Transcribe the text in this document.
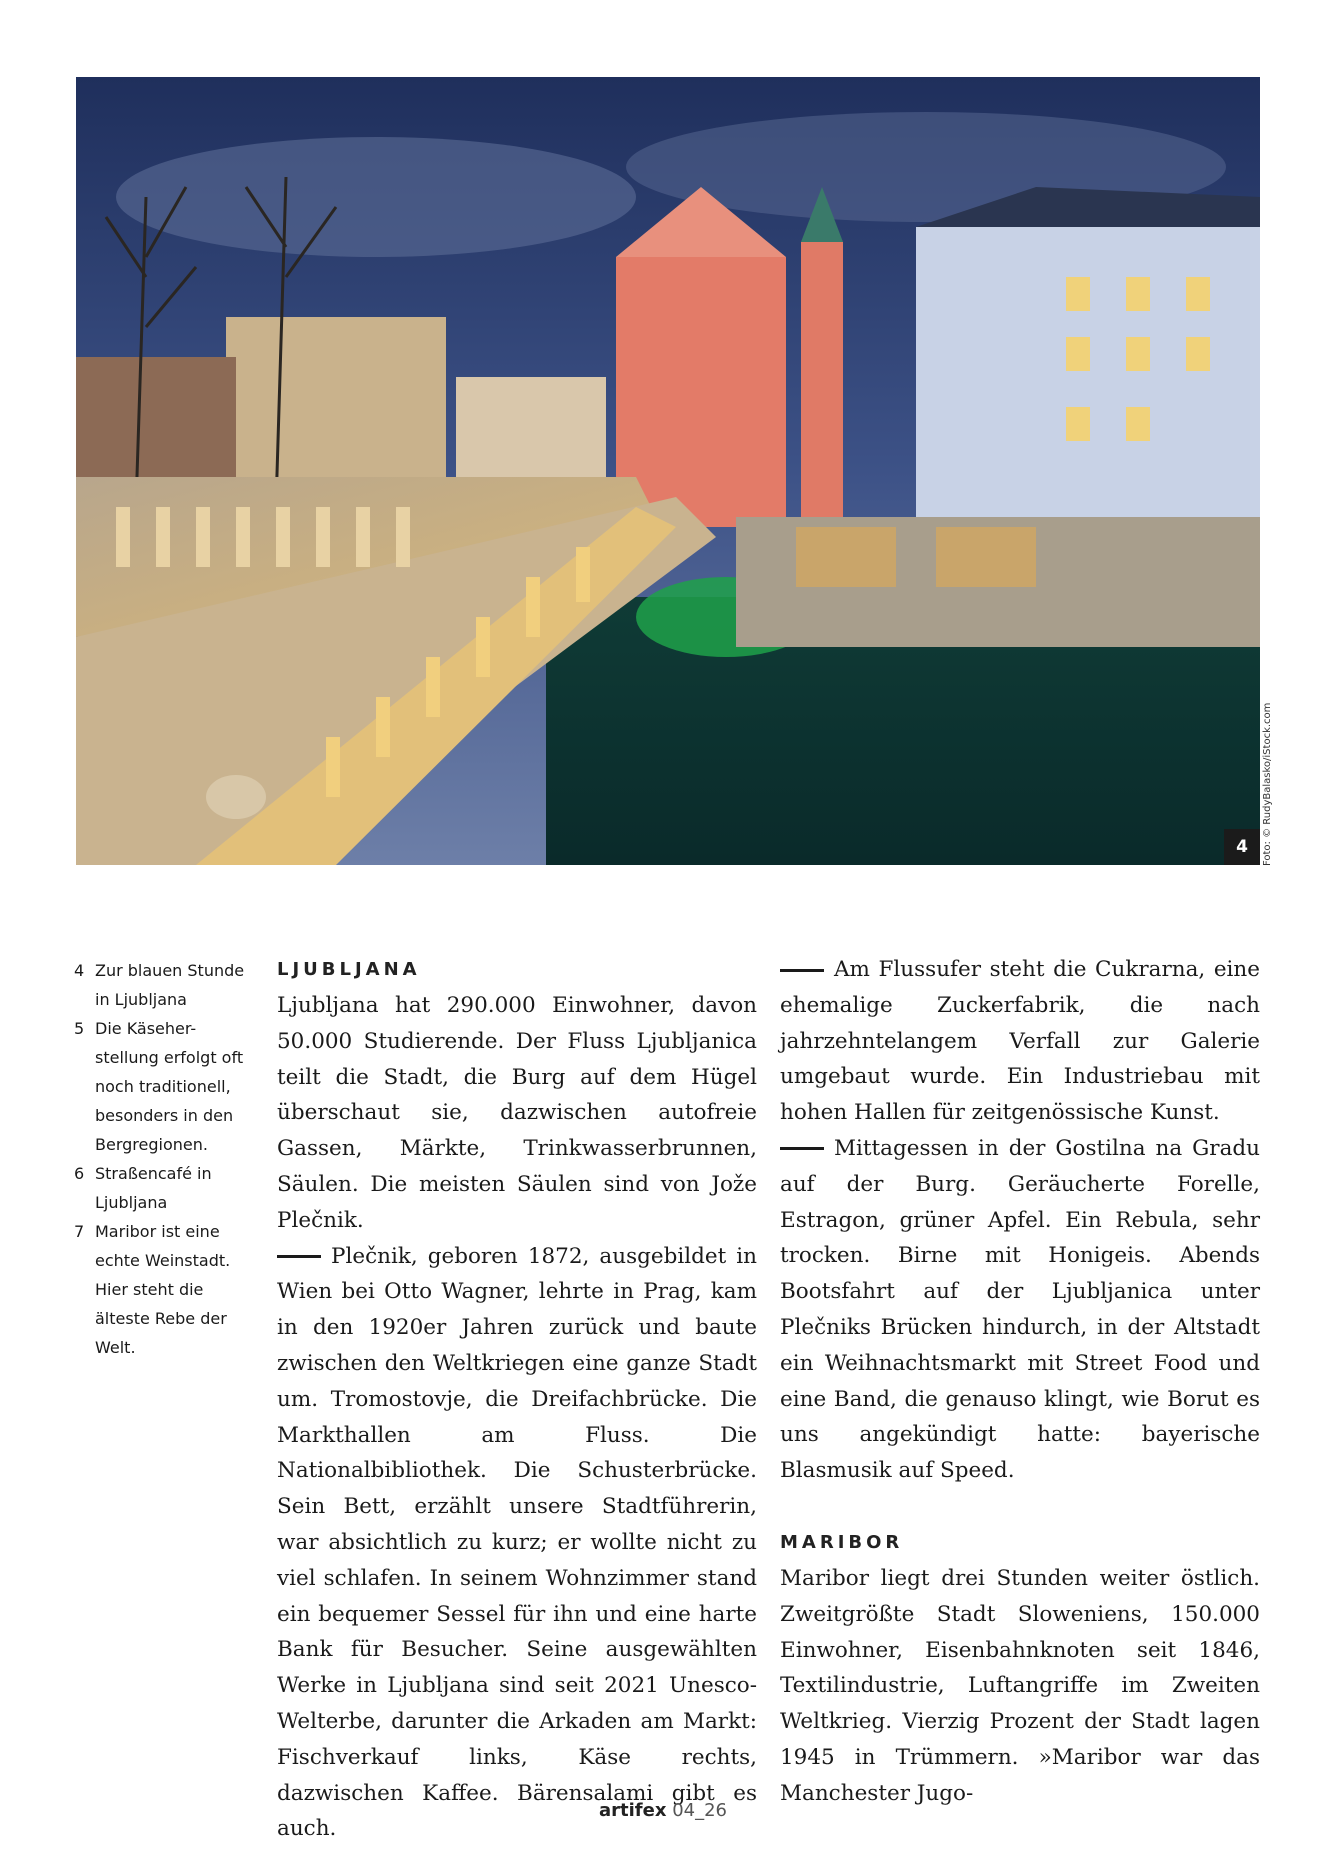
4	Foto: © RudyBalasko/iStock.com
4 Zur blauen Stunde in Ljubljana
5 Die Käseher-stellung erfolgt oft noch traditionell, besonders in den Bergregionen.
6 Straßencafé in Ljubljana
7 Maribor ist eine echte Weinstadt. Hier steht die älteste Rebe der Welt.
LJUBLJANA

Ljubljana hat 290.000 Einwohner, davon 50.000 Studierende. Der Fluss Ljubljanica teilt die Stadt, die Burg auf dem Hügel überschaut sie, dazwischen autofreie Gassen, Märkte, Trinkwasserbrunnen, Säulen. Die meisten Säulen sind von Jože Plečnik.

Plečnik, geboren 1872, ausgebildet in Wien bei Otto Wagner, lehrte in Prag, kam in den 1920er Jahren zurück und baute zwischen den Weltkriegen eine ganze Stadt um. Tromostovje, die Dreifachbrücke. Die Markthallen am Fluss. Die Nationalbibliothek. Die Schusterbrücke. Sein Bett, erzählt unsere Stadtführerin, war absichtlich zu kurz; er wollte nicht zu viel schlafen. In seinem Wohnzimmer stand ein bequemer Sessel für ihn und eine harte Bank für Besucher. Seine ausgewählten Werke in Ljubljana sind seit 2021 Unesco-Welterbe, darunter die Arkaden am Markt: Fischverkauf links, Käse rechts, dazwischen Kaffee. Bärensalami gibt es auch.

Am Flussufer steht die Cukrarna, eine ehemalige Zuckerfabrik, die nach jahrzehntelangem Verfall zur Galerie umgebaut wurde. Ein Industriebau mit hohen Hallen für zeitgenössische Kunst.

Mittagessen in der Gostilna na Gradu auf der Burg. Geräucherte Forelle, Estragon, grüner Apfel. Ein Rebula, sehr trocken. Birne mit Honigeis. Abends Bootsfahrt auf der Ljubljanica unter Plečniks Brücken hindurch, in der Altstadt ein Weihnachtsmarkt mit Street Food und eine Band, die genauso klingt, wie Borut es uns angekündigt hatte: bayerische Blasmusik auf Speed.

MARIBOR

Maribor liegt drei Stunden weiter östlich. Zweitgrößte Stadt Sloweniens, 150.000 Einwohner, Eisenbahnknoten seit 1846, Textilindustrie, Luftangriffe im Zweiten Weltkrieg. Vierzig Prozent der Stadt lagen 1945 in Trümmern. »Maribor war das Manchester Jugo-

artifex 04_26
